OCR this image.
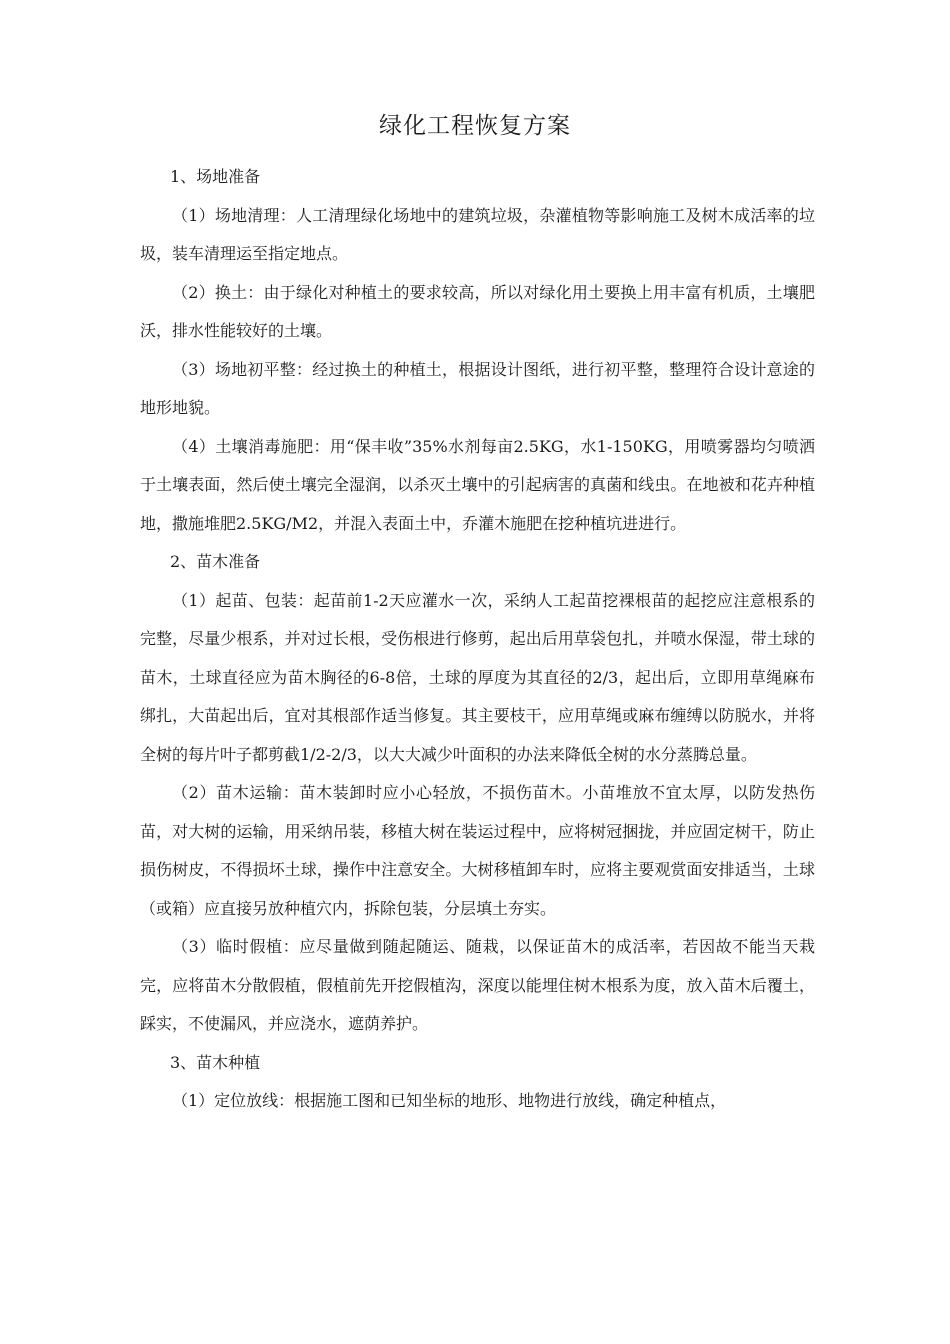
绿化工程恢复方案

1、场地准备

（1）场地清理：人工清理绿化场地中的建筑垃圾，杂灌植物等影响施工及树木成活率的垃圾，装车清理运至指定地点。

（2）换土：由于绿化对种植土的要求较高，所以对绿化用土要换上用丰富有机质，土壤肥沃，排水性能较好的土壤。

（3）场地初平整：经过换土的种植土，根据设计图纸，进行初平整，整理符合设计意途的地形地貌。

（4）土壤消毒施肥：用“保丰收”35%水剂每亩2.5KG，水1-150KG，用喷雾器均匀喷洒于土壤表面，然后使土壤完全湿润，以杀灭土壤中的引起病害的真菌和线虫。在地被和花卉种植地，撒施堆肥2.5KG/M2，并混入表面土中，乔灌木施肥在挖种植坑进进行。

2、苗木准备

（1）起苗、包装：起苗前1-2天应灌水一次，采纳人工起苗挖裸根苗的起挖应注意根系的完整，尽量少根系，并对过长根，受伤根进行修剪，起出后用草袋包扎，并喷水保湿，带土球的苗木，土球直径应为苗木胸径的6-8倍，土球的厚度为其直径的2/3，起出后，立即用草绳麻布绑扎，大苗起出后，宜对其根部作适当修复。其主要枝干，应用草绳或麻布缠缚以防脱水，并将全树的每片叶子都剪截1/2-2/3，以大大减少叶面积的办法来降低全树的水分蒸腾总量。

（2）苗木运输：苗木装卸时应小心轻放，不损伤苗木。小苗堆放不宜太厚，以防发热伤苗，对大树的运输，用采纳吊装，移植大树在装运过程中，应将树冠捆拢，并应固定树干，防止损伤树皮，不得损坏土球，操作中注意安全。大树移植卸车时，应将主要观赏面安排适当，土球（或箱）应直接另放种植穴内，拆除包装，分层填土夯实。

（3）临时假植：应尽量做到随起随运、随栽，以保证苗木的成活率，若因故不能当天栽完，应将苗木分散假植，假植前先开挖假植沟，深度以能埋住树木根系为度，放入苗木后覆土，踩实，不使漏风，并应浇水，遮荫养护。

3、苗木种植

（1）定位放线：根据施工图和已知坐标的地形、地物进行放线，确定种植点，
